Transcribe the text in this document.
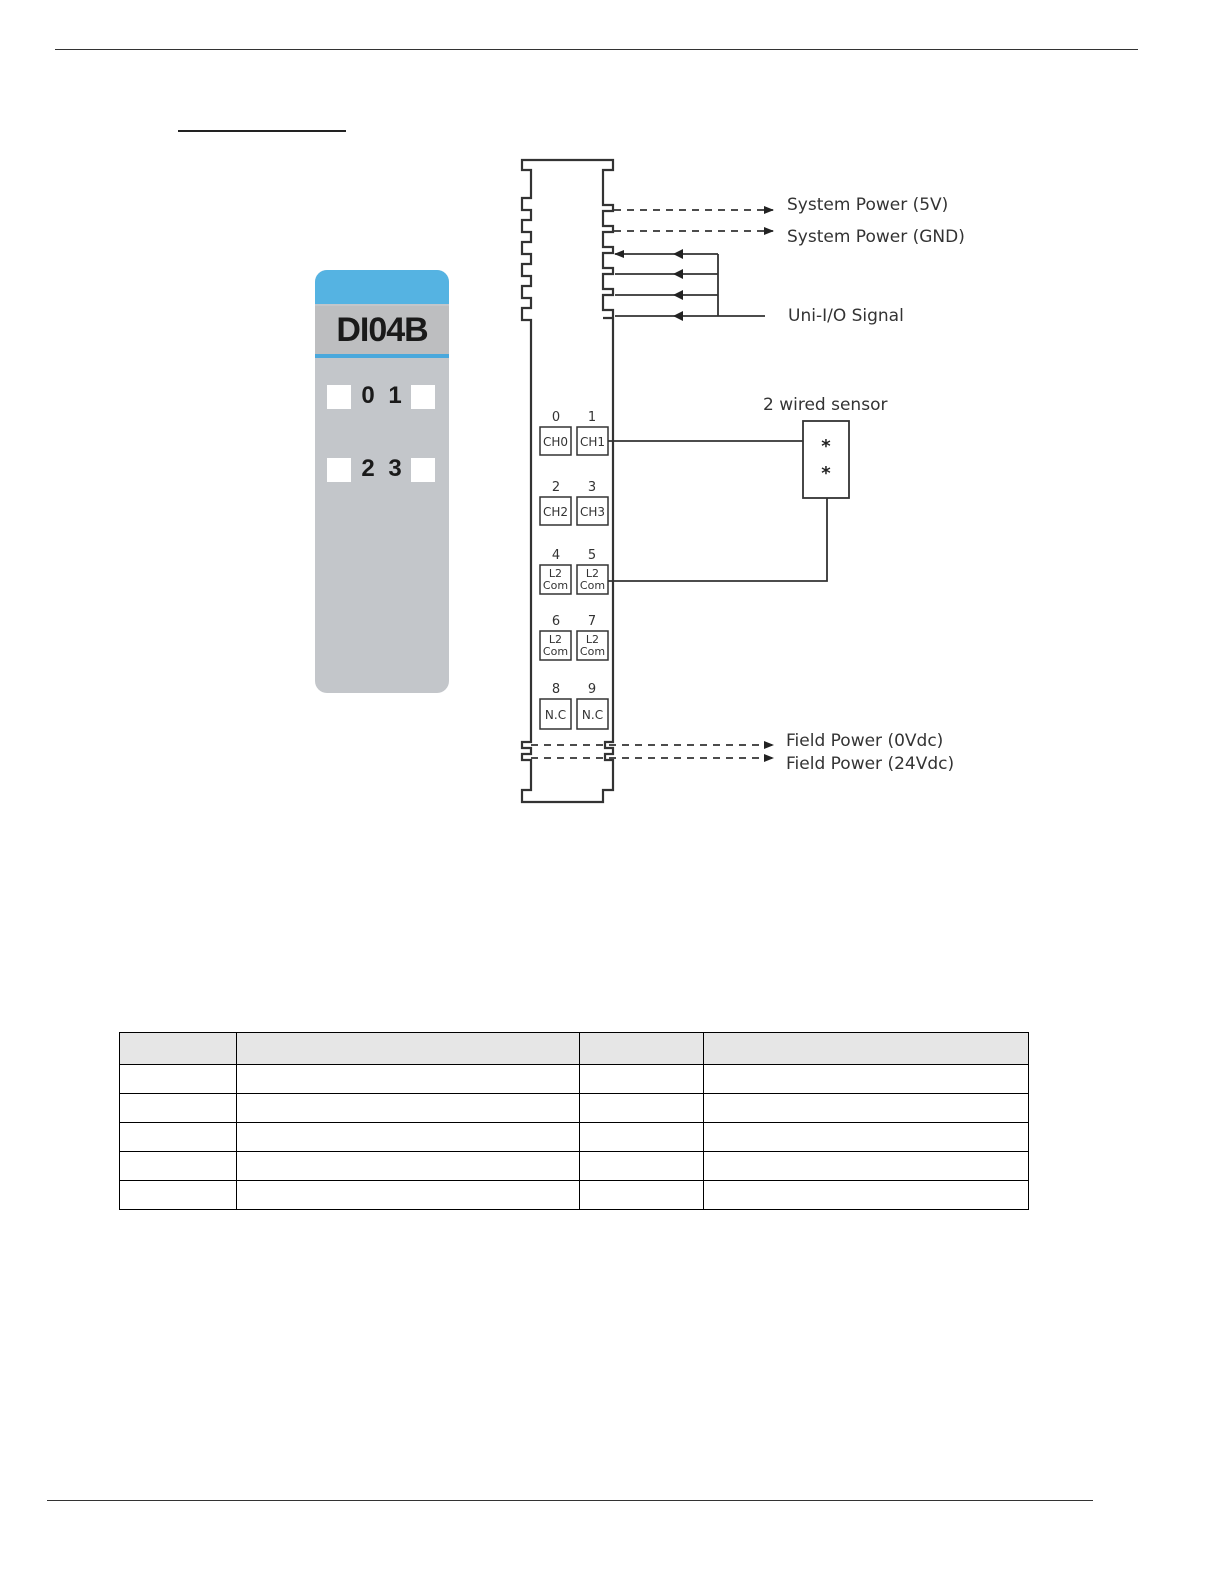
DI04B
0 1
2 3
System Power (5V)
System Power (GND)
Uni-I/O Signal
0 1
CH0 CH1
2 3
CH2 CH3
4 5
L2
Com
L2
Com
6 7
L2
Com
L2
Com
8 9
N.C N.C
2 wired sensor
*
*
Field Power (0Vdc)
Field Power (24Vdc)
